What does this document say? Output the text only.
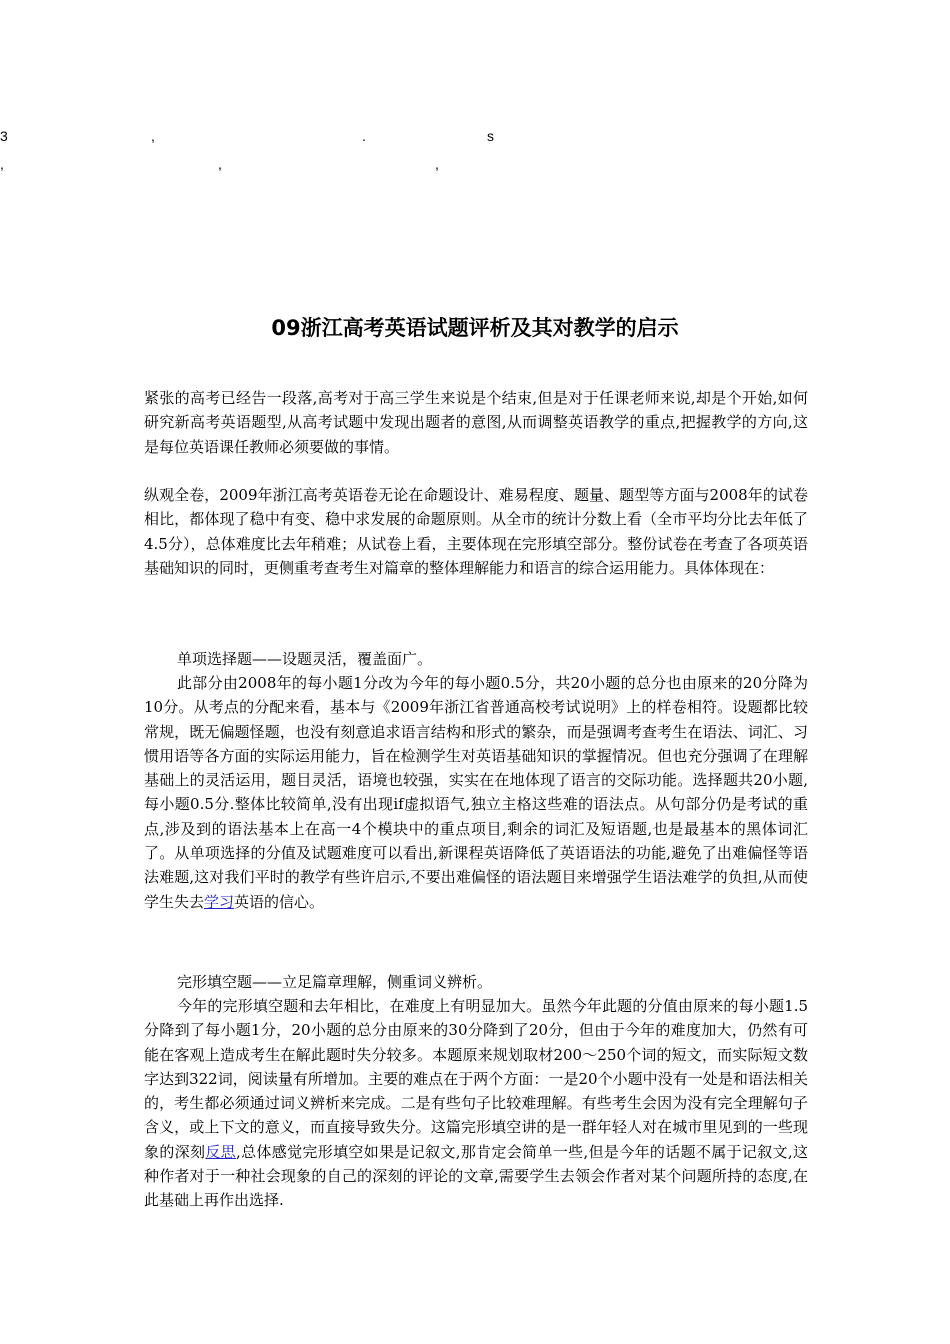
3	,	.	s
,	,	,
09浙江高考英语试题评析及其对教学的启示

紧张的高考已经告一段落,高考对于高三学生来说是个结束,但是对于任课老师来说,却是个开始,如何研究新高考英语题型,从高考试题中发现出题者的意图,从而调整英语教学的重点,把握教学的方向,这是每位英语课任教师必须要做的事情。

纵观全卷，2009年浙江高考英语卷无论在命题设计、难易程度、题量、题型等方面与2008年的试卷相比，都体现了稳中有变、稳中求发展的命题原则。从全市的统计分数上看（全市平均分比去年低了4.5分），总体难度比去年稍难；从试卷上看，主要体现在完形填空部分。整份试卷在考查了各项英语基础知识的同时，更侧重考查考生对篇章的整体理解能力和语言的综合运用能力。具体体现在：

单项选择题——设题灵活，覆盖面广。

此部分由2008年的每小题1分改为今年的每小题0.5分，共20小题的总分也由原来的20分降为10分。从考点的分配来看，基本与《2009年浙江省普通高校考试说明》上的样卷相符。设题都比较常规，既无偏题怪题，也没有刻意追求语言结构和形式的繁杂，而是强调考查考生在语法、词汇、习惯用语等各方面的实际运用能力，旨在检测学生对英语基础知识的掌握情况。但也充分强调了在理解基础上的灵活运用，题目灵活，语境也较强，实实在在地体现了语言的交际功能。选择题共20小题,每小题0.5分.整体比较简单,没有出现if虚拟语气,独立主格这些难的语法点。从句部分仍是考试的重点,涉及到的语法基本上在高一4个模块中的重点项目,剩余的词汇及短语题,也是最基本的黑体词汇了。从单项选择的分值及试题难度可以看出,新课程英语降低了英语语法的功能,避免了出难偏怪等语法难题,这对我们平时的教学有些许启示,不要出难偏怪的语法题目来增强学生语法难学的负担,从而使学生失去学习英语的信心。

完形填空题——立足篇章理解，侧重词义辨析。

今年的完形填空题和去年相比，在难度上有明显加大。虽然今年此题的分值由原来的每小题1.5分降到了每小题1分，20小题的总分由原来的30分降到了20分，但由于今年的难度加大，仍然有可能在客观上造成考生在解此题时失分较多。本题原来规划取材200～250个词的短文，而实际短文数字达到322词，阅读量有所增加。主要的难点在于两个方面：一是20个小题中没有一处是和语法相关的，考生都必须通过词义辨析来完成。二是有些句子比较难理解。有些考生会因为没有完全理解句子含义，或上下文的意义，而直接导致失分。这篇完形填空讲的是一群年轻人对在城市里见到的一些现象的深刻反思,总体感觉完形填空如果是记叙文,那肯定会简单一些,但是今年的话题不属于记叙文,这种作者对于一种社会现象的自己的深刻的评论的文章,需要学生去领会作者对某个问题所持的态度,在此基础上再作出选择.
